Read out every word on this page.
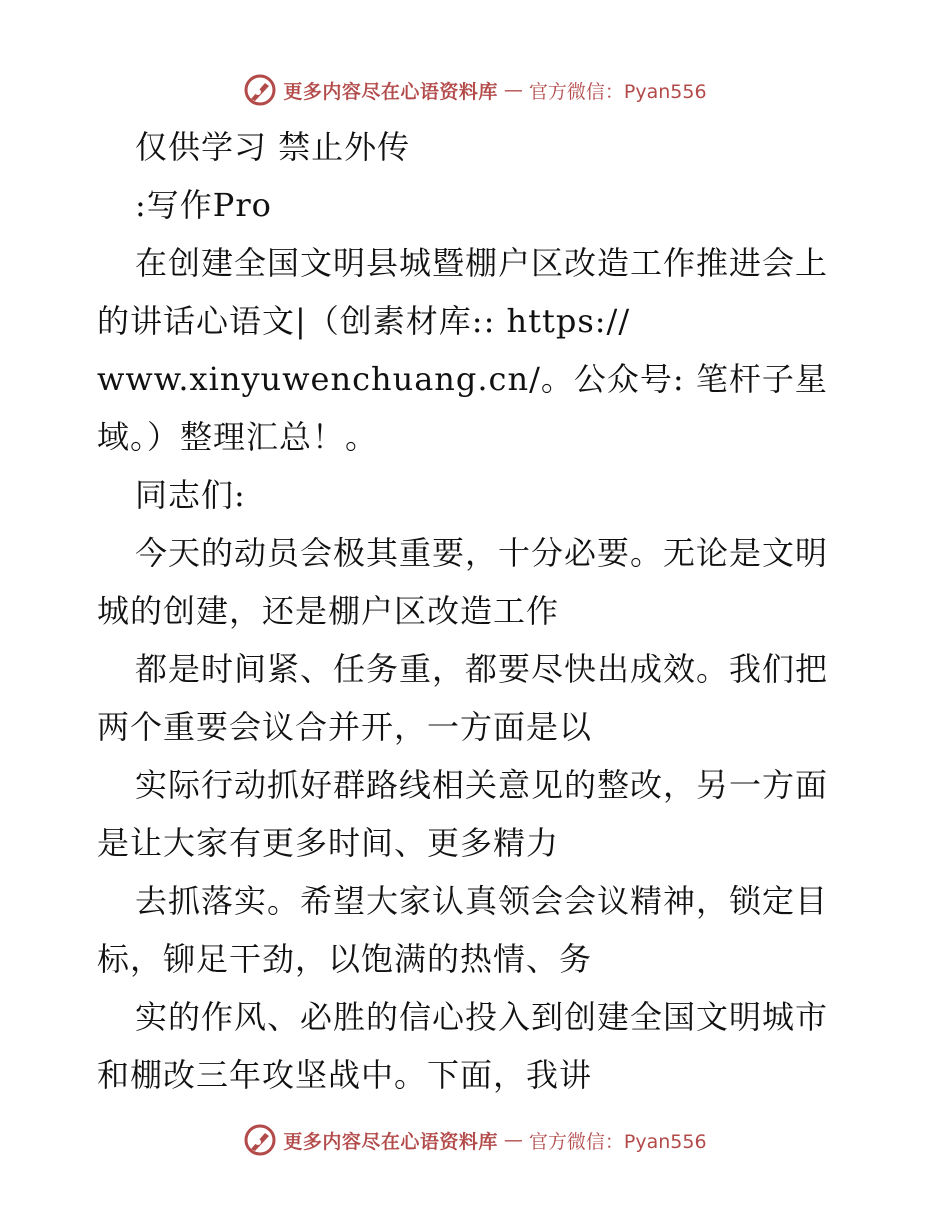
更多内容尽在心语资料库 — 官方微信：Pyan556
仅供学习 禁止外传
:写作Pro
在创建全国文明县城暨棚户区改造工作推进会上
的讲话心语文|（创素材库:: https://
www.xinyuwenchuang.cn/。公众号: 笔杆子星
域。）整理汇总！。
同志们:
今天的动员会极其重要，十分必要。无论是文明
城的创建，还是棚户区改造工作
都是时间紧、任务重，都要尽快出成效。我们把
两个重要会议合并开，一方面是以
实际行动抓好群路线相关意见的整改，另一方面
是让大家有更多时间、更多精力
去抓落实。希望大家认真领会会议精神，锁定目
标，铆足干劲，以饱满的热情、务
实的作风、必胜的信心投入到创建全国文明城市
和棚改三年攻坚战中。下面，我讲
更多内容尽在心语资料库 — 官方微信：Pyan556
